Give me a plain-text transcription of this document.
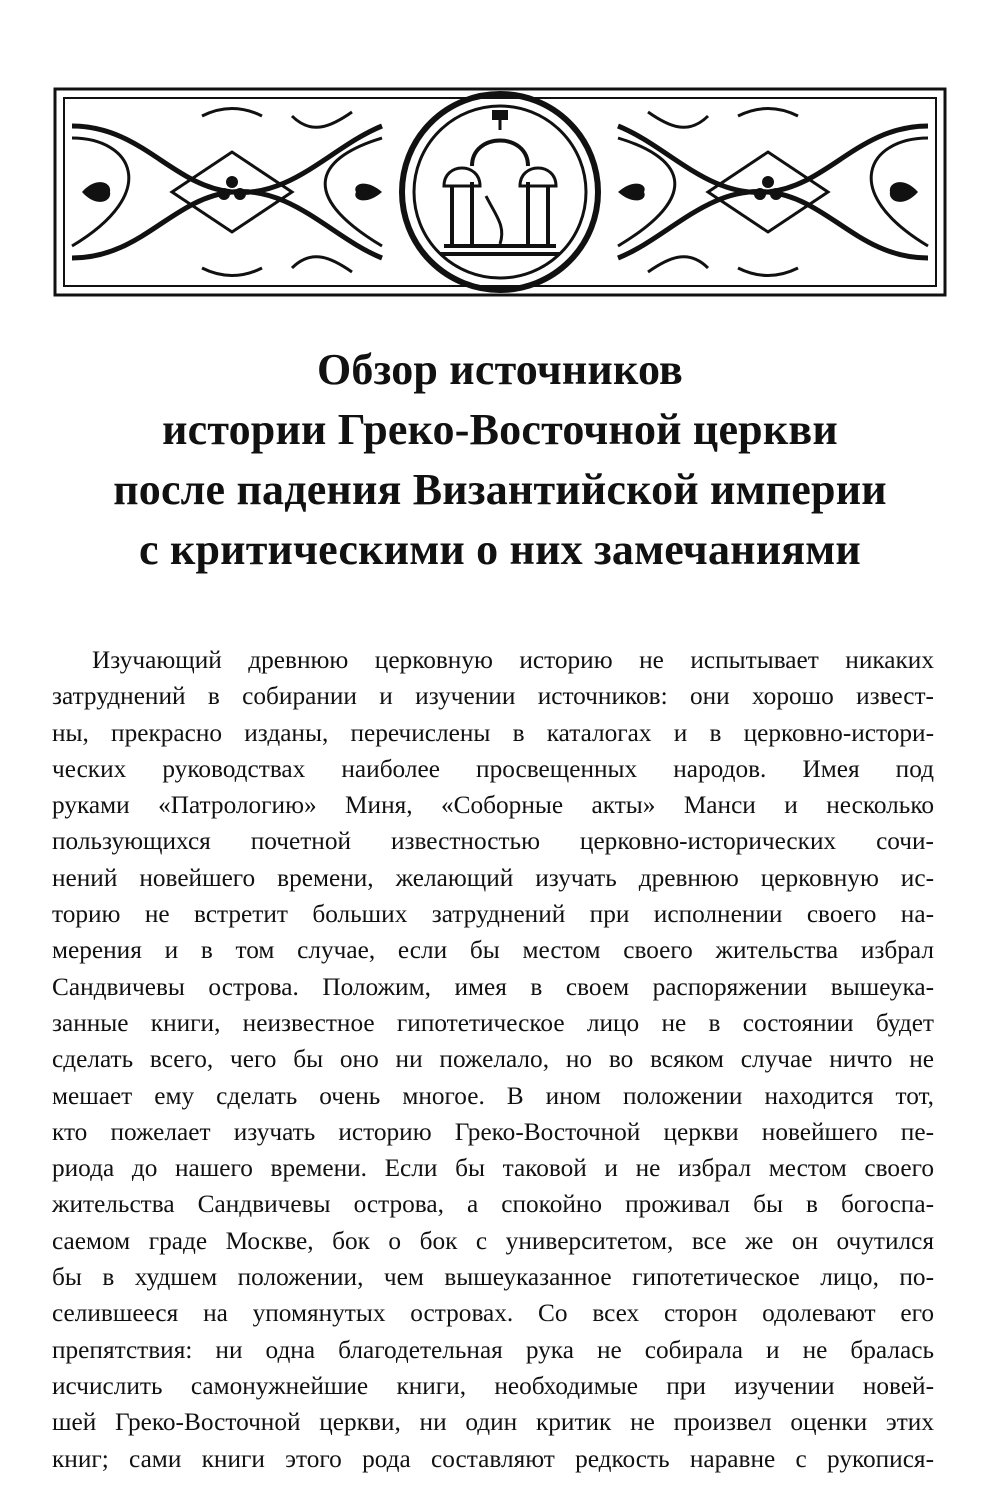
Обзор источников
истории Греко-Восточной церкви
после падения Византийской империи
с критическими о них замечаниями
Изучающий древнюю церковную историю не испытывает никаких
затруднений в собирании и изучении источников: они хорошо извест-
ны, прекрасно изданы, перечислены в каталогах и в церковно-истори-
ческих руководствах наиболее просвещенных народов. Имея под
руками «Патрологию» Миня, «Соборные акты» Манси и несколько
пользующихся почетной известностью церковно-исторических сочи-
нений новейшего времени, желающий изучать древнюю церковную ис-
торию не встретит больших затруднений при исполнении своего на-
мерения и в том случае, если бы местом своего жительства избрал
Сандвичевы острова. Положим, имея в своем распоряжении вышеука-
занные книги, неизвестное гипотетическое лицо не в состоянии будет
сделать всего, чего бы оно ни пожелало, но во всяком случае ничто не
мешает ему сделать очень многое. В ином положении находится тот,
кто пожелает изучать историю Греко-Восточной церкви новейшего пе-
риода до нашего времени. Если бы таковой и не избрал местом своего
жительства Сандвичевы острова, а спокойно проживал бы в богоспа-
саемом граде Москве, бок о бок с университетом, все же он очутился
бы в худшем положении, чем вышеуказанное гипотетическое лицо, по-
селившееся на упомянутых островах. Со всех сторон одолевают его
препятствия: ни одна благодетельная рука не собирала и не бралась
исчислить самонужнейшие книги, необходимые при изучении новей-
шей Греко-Восточной церкви, ни один критик не произвел оценки этих
книг; сами книги этого рода составляют редкость наравне с рукопися-
